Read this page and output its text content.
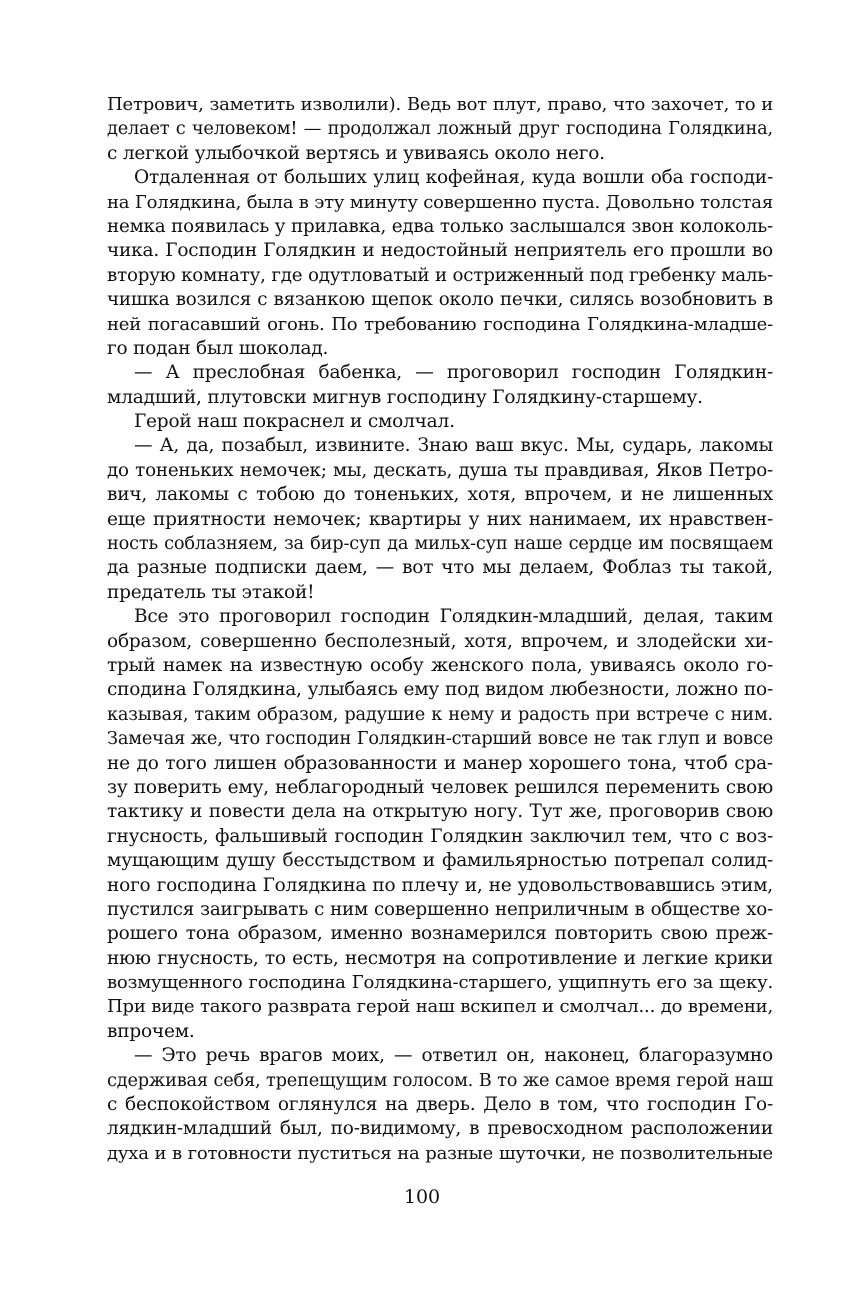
Петрович, заметить изволили). Ведь вот плут, право, что захочет, то и
делает с человеком! — продолжал ложный друг господина Голядкина,
с легкой улыбочкой вертясь и увиваясь около него.
Отдаленная от больших улиц кофейная, куда вошли оба господи-
на Голядкина, была в эту минуту совершенно пуста. Довольно толстая
немка появилась у прилавка, едва только заслышался звон колоколь-
чика. Господин Голядкин и недостойный неприятель его прошли во
вторую комнату, где одутловатый и остриженный под гребенку маль-
чишка возился с вязанкою щепок около печки, силясь возобновить в
ней погасавший огонь. По требованию господина Голядкина-младше-
го подан был шоколад.
— А преслобная бабенка, — проговорил господин Голядкин-
младший, плутовски мигнув господину Голядкину-старшему.
Герой наш покраснел и смолчал.
— А, да, позабыл, извините. Знаю ваш вкус. Мы, сударь, лакомы
до тоненьких немочек; мы, дескать, душа ты правдивая, Яков Петро-
вич, лакомы с тобою до тоненьких, хотя, впрочем, и не лишенных
еще приятности немочек; квартиры у них нанимаем, их нравствен-
ность соблазняем, за бир-суп да мильх-суп наше сердце им посвящаем
да разные подписки даем, — вот что мы делаем, Фоблаз ты такой,
предатель ты этакой!
Все это проговорил господин Голядкин-младший, делая, таким
образом, совершенно бесполезный, хотя, впрочем, и злодейски хи-
трый намек на известную особу женского пола, увиваясь около го-
сподина Голядкина, улыбаясь ему под видом любезности, ложно по-
казывая, таким образом, радушие к нему и радость при встрече с ним.
Замечая же, что господин Голядкин-старший вовсе не так глуп и вовсе
не до того лишен образованности и манер хорошего тона, чтоб сра-
зу поверить ему, неблагородный человек решился переменить свою
тактику и повести дела на открытую ногу. Тут же, проговорив свою
гнусность, фальшивый господин Голядкин заключил тем, что с воз-
мущающим душу бесстыдством и фамильярностью потрепал солид-
ного господина Голядкина по плечу и, не удовольствовавшись этим,
пустился заигрывать с ним совершенно неприличным в обществе хо-
рошего тона образом, именно вознамерился повторить свою преж-
нюю гнусность, то есть, несмотря на сопротивление и легкие крики
возмущенного господина Голядкина-старшего, ущипнуть его за щеку.
При виде такого разврата герой наш вскипел и смолчал... до времени,
впрочем.
— Это речь врагов моих, — ответил он, наконец, благоразумно
сдерживая себя, трепещущим голосом. В то же самое время герой наш
с беспокойством оглянулся на дверь. Дело в том, что господин Го-
лядкин-младший был, по-видимому, в превосходном расположении
духа и в готовности пуститься на разные шуточки, не позволительные
100
